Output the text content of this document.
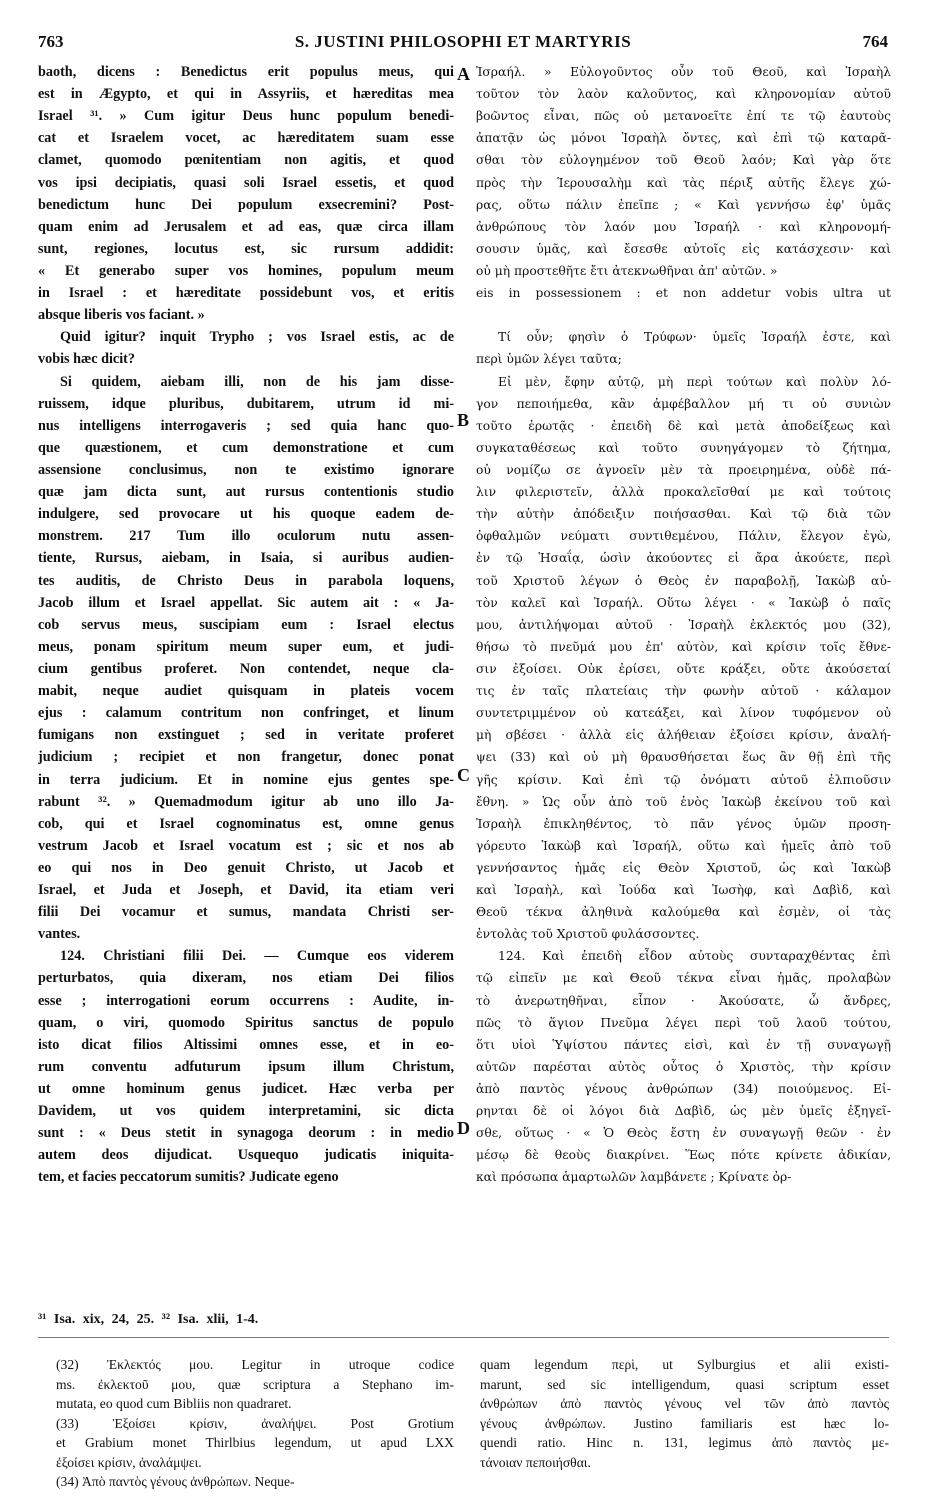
763	S. JUSTINI PHILOSOPHI ET MARTYRIS	764
baoth, dicens : Benedictus erit populus meus, qui
est in Ægypto, et qui in Assyriis, et hæreditas mea
Israel ³¹. » Cum igitur Deus hunc populum benedi-
cat et Israelem vocet, ac hæreditatem suam esse
clamet, quomodo pœnitentiam non agitis, et quod
vos ipsi decipiatis, quasi soli Israel essetis, et quod
benedictum hunc Dei populum exsecremini? Post-
quam enim ad Jerusalem et ad eas, quæ circa illam
sunt, regiones, locutus est, sic rursum addidit:
« Et generabo super vos homines, populum meum
in Israel : et hæreditate possidebunt vos, et eritis
absque liberis vos faciant. »
Quid igitur? inquit Trypho ; vos Israel estis, ac de
vobis hæc dicit?
Si quidem, aiebam illi, non de his jam disse-
ruissem, idque pluribus, dubitarem, utrum id mi-
nus intelligens interrogaveris ; sed quia hanc quo-
que quæstionem, et cum demonstratione et cum
assensione conclusimus, non te existimo ignorare
quæ jam dicta sunt, aut rursus contentionis studio
indulgere, sed provocare ut his quoque eadem de-
monstrem. 217 Tum illo oculorum nutu assen-
tiente, Rursus, aiebam, in Isaia, si auribus audien-
tes auditis, de Christo Deus in parabola loquens,
Jacob illum et Israel appellat. Sic autem ait : « Ja-
cob servus meus, suscipiam eum : Israel electus
meus, ponam spiritum meum super eum, et judi-
cium gentibus proferet. Non contendet, neque cla-
mabit, neque audiet quisquam in plateis vocem
ejus : calamum contritum non confringet, et linum
fumigans non exstinguet ; sed in veritate proferet
judicium ; recipiet et non frangetur, donec ponat
in terra judicium. Et in nomine ejus gentes spe-
rabunt ³². » Quemadmodum igitur ab uno illo Ja-
cob, qui et Israel cognominatus est, omne genus
vestrum Jacob et Israel vocatum est ; sic et nos ab
eo qui nos in Deo genuit Christo, ut Jacob et
Israel, et Juda et Joseph, et David, ita etiam veri
filii Dei vocamur et sumus, mandata Christi ser-
vantes.
124. Christiani filii Dei. — Cumque eos viderem
perturbatos, quia dixeram, nos etiam Dei filios
esse ; interrogationi eorum occurrens : Audite, in-
quam, o viri, quomodo Spiritus sanctus de populo
isto dicat filios Altissimi omnes esse, et in eo-
rum conventu adfuturum ipsum illum Christum,
ut omne hominum genus judicet. Hæc verba per
Davidem, ut vos quidem interpretamini, sic dicta
sunt : « Deus stetit in synagoga deorum : in medio
autem deos dijudicat. Usquequo judicatis iniquita-
tem, et facies peccatorum sumitis? Judicate egeno
Ἰσραήλ. » Εὐλογοῦντος οὖν τοῦ Θεοῦ, καὶ Ἰσραὴλ
τοῦτον τὸν λαὸν καλοῦντος, καὶ κληρονομίαν αὐτοῦ
βοῶντος εἶναι, πῶς οὐ μετανοεῖτε ἐπί τε τῷ ἑαυτοὺς
ἀπατᾷν ὡς μόνοι Ἰσραὴλ ὄντες, καὶ ἐπὶ τῷ καταρᾶ-
σθαι τὸν εὐλογημένον τοῦ Θεοῦ λαόν; Καὶ γὰρ ὅτε
πρὸς τὴν Ἱερουσαλὴμ καὶ τὰς πέριξ αὐτῆς ἔλεγε χώ-
ρας, οὕτω πάλιν ἐπεῖπε ; « Καὶ γεννήσω ἐφ' ὑμᾶς
ἀνθρώπους τὸν λαόν μου Ἰσραήλ · καὶ κληρονομή-
σουσιν ὑμᾶς, καὶ ἔσεσθε αὐτοῖς εἰς κατάσχεσιν· καὶ
οὐ μὴ προστεθῆτε ἔτι ἀτεκνωθῆναι ἀπ' αὐτῶν. »
eis in possessionem : et non addetur vobis ultra ut
Τί οὖν; φησὶν ὁ Τρύφων· ὑμεῖς Ἰσραήλ ἐστε, καὶ
περὶ ὑμῶν λέγει ταῦτα;
Εἰ μὲν, ἔφην αὐτῷ, μὴ περὶ τούτων καὶ πολὺν λό-
γον πεποιήμεθα, κἂν ἀμφέβαλλον μή τι οὐ συνιὼν
τοῦτο ἐρωτᾷς · ἐπειδὴ δὲ καὶ μετὰ ἀποδείξεως καὶ
συγκαταθέσεως καὶ τοῦτο συνηγάγομεν τὸ ζήτημα,
οὐ νομίζω σε ἀγνοεῖν μὲν τὰ προειρημένα, οὐδὲ πά-
λιν φιλεριστεῖν, ἀλλὰ προκαλεῖσθαί με καὶ τούτοις
τὴν αὐτὴν ἀπόδειξιν ποιήσασθαι. Καὶ τῷ διὰ τῶν
ὀφθαλμῶν νεύματι συντιθεμένου, Πάλιν, ἔλεγον ἐγὼ,
ἐν τῷ Ἡσαΐᾳ, ὡσὶν ἀκούοντες εἰ ἄρα ἀκούετε, περὶ
τοῦ Χριστοῦ λέγων ὁ Θεὸς ἐν παραβολῇ, Ἰακὼβ αὐ-
τὸν καλεῖ καὶ Ἰσραήλ. Οὕτω λέγει · « Ἰακὼβ ὁ παῖς
μου, ἀντιλήψομαι αὐτοῦ · Ἰσραὴλ ἐκλεκτός μου (32),
θήσω τὸ πνεῦμά μου ἐπ' αὐτὸν, καὶ κρίσιν τοῖς ἔθνε-
σιν ἐξοίσει. Οὐκ ἐρίσει, οὔτε κράξει, οὔτε ἀκούσεταί
τις ἐν ταῖς πλατείαις τὴν φωνὴν αὐτοῦ · κάλαμον
συντετριμμένον οὐ κατεάξει, καὶ λίνον τυφόμενον οὐ
μὴ σβέσει · ἀλλὰ εἰς ἀλήθειαν ἐξοίσει κρίσιν, ἀναλή-
ψει (33) καὶ οὐ μὴ θραυσθήσεται ἕως ἂν θῇ ἐπὶ τῆς
γῆς κρίσιν. Καὶ ἐπὶ τῷ ὀνόματι αὐτοῦ ἐλπιοῦσιν
ἔθνη. » Ὡς οὖν ἀπὸ τοῦ ἑνὸς Ἰακὼβ ἐκείνου τοῦ καὶ
Ἰσραὴλ ἐπικληθέντος, τὸ πᾶν γένος ὑμῶν προση-
γόρευτο Ἰακὼβ καὶ Ἰσραήλ, οὕτω καὶ ἡμεῖς ἀπὸ τοῦ
γεννήσαντος ἡμᾶς εἰς Θεὸν Χριστοῦ, ὡς καὶ Ἰακὼβ
καὶ Ἰσραὴλ, καὶ Ἰούδα καὶ Ἰωσὴφ, καὶ Δαβὶδ, καὶ
Θεοῦ τέκνα ἀληθινὰ καλούμεθα καὶ ἐσμὲν, οἱ τὰς
ἐντολὰς τοῦ Χριστοῦ φυλάσσοντες.
124. Καὶ ἐπειδὴ εἶδον αὐτοὺς συνταραχθέντας ἐπὶ
τῷ εἰπεῖν με καὶ Θεοῦ τέκνα εἶναι ἡμᾶς, προλαβὼν
τὸ ἀνερωτηθῆναι, εἶπον · Ἀκούσατε, ὦ ἄνδρες,
πῶς τὸ ἅγιον Πνεῦμα λέγει περὶ τοῦ λαοῦ τούτου,
ὅτι υἱοὶ Ὑψίστου πάντες εἰσὶ, καὶ ἐν τῇ συναγωγῇ
αὐτῶν παρέσται αὐτὸς οὗτος ὁ Χριστὸς, τὴν κρίσιν
ἀπὸ παντὸς γένους ἀνθρώπων (34) ποιούμενος. Εἰ-
ρηνται δὲ οἱ λόγοι διὰ Δαβὶδ, ὡς μὲν ὑμεῖς ἐξηγεῖ-
σθε, οὕτως · « Ὁ Θεὸς ἔστη ἐν συναγωγῇ θεῶν · ἐν
μέσῳ δὲ θεοὺς διακρίνει. Ἕως πότε κρίνετε ἀδικίαν,
καὶ πρόσωπα ἁμαρτωλῶν λαμβάνετε ; Κρίνατε ὀρ-
A
B
C
D
³¹ Isa. xix, 24, 25. ³² Isa. xlii, 1-4.
(32) Ἐκλεκτός μου. Legitur in utroque codice
ms. ἐκλεκτοῦ μου, quæ scriptura a Stephano im-
mutata, eo quod cum Bibliis non quadraret.
(33) Ἐξοίσει κρίσιν, ἀναλήψει. Post Grotium
et Grabium monet Thirlbius legendum, ut apud LXX
ἐξοίσει κρίσιν, ἀναλάμψει.
(34) Ἀπὸ παντὸς γένους ἀνθρώπων. Neque-
quam legendum περὶ, ut Sylburgius et alii existi-
marunt, sed sic intelligendum, quasi scriptum esset
ἀνθρώπων ἀπὸ παντὸς γένους vel τῶν ἀπὸ παντὸς
γένους ἀνθρώπων. Justino familiaris est hæc lo-
quendi ratio. Hinc n. 131, legimus ἀπὸ παντὸς με-
τάνοιαν πεποιήσθαι.
